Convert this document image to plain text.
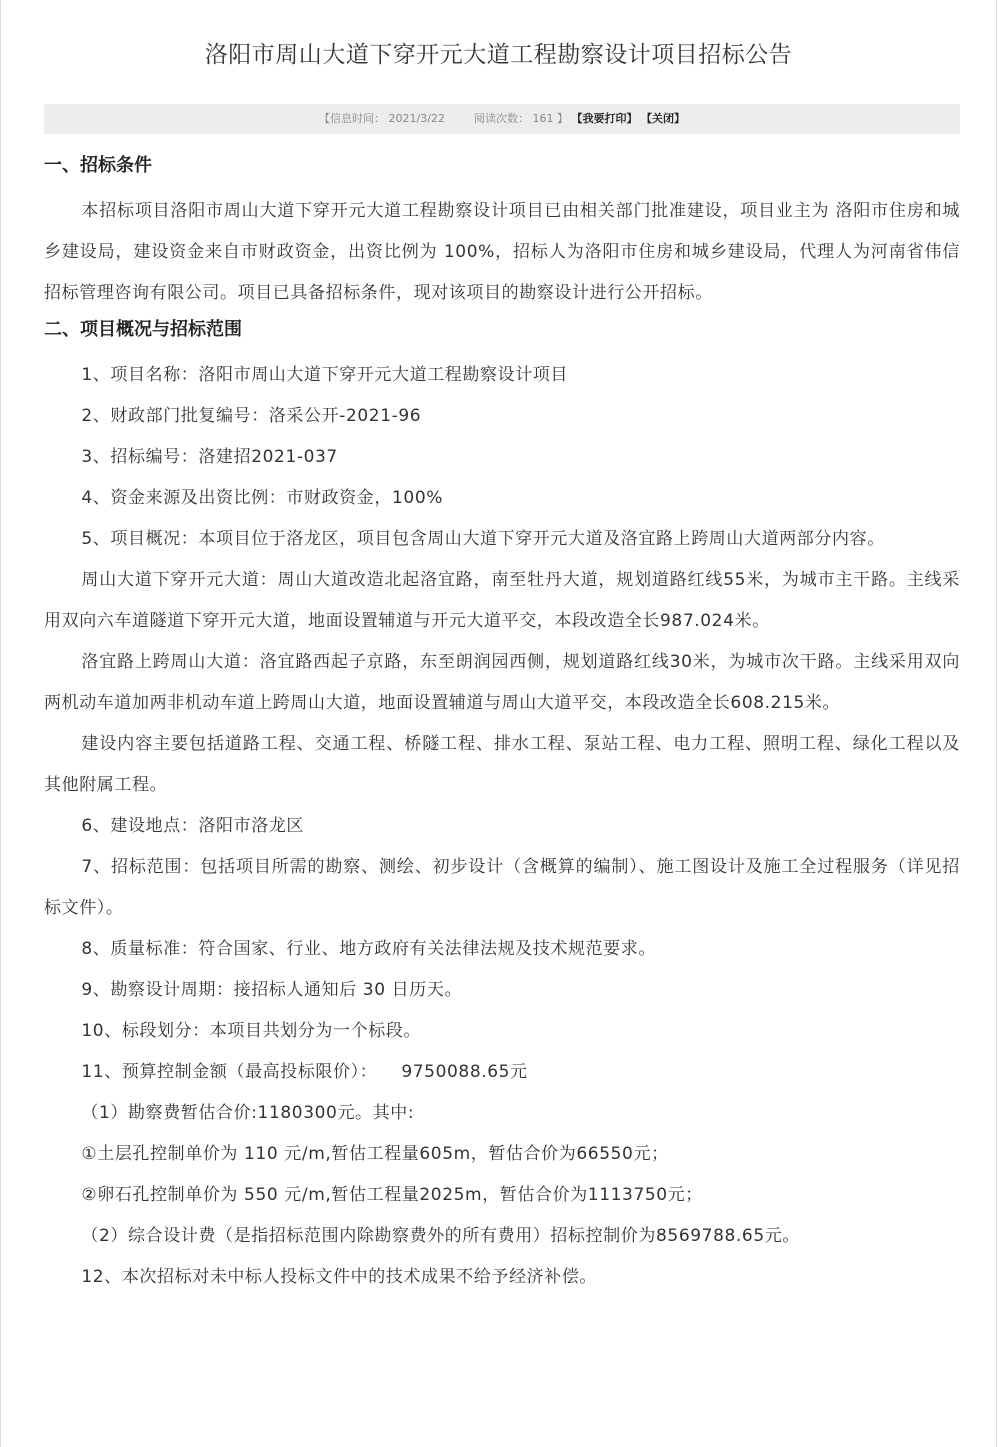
洛阳市周山大道下穿开元大道工程勘察设计项目招标公告
【信息时间： 2021/3/22	阅读次数： 161 】 【我要打印】 【关闭】

一、招标条件

本招标项目洛阳市周山大道下穿开元大道工程勘察设计项目已由相关部门批准建设，项目业主为 洛阳市住房和城乡建设局，建设资金来自市财政资金，出资比例为 100%，招标人为洛阳市住房和城乡建设局，代理人为河南省伟信招标管理咨询有限公司。项目已具备招标条件，现对该项目的勘察设计进行公开招标。

二、项目概况与招标范围

1、项目名称：洛阳市周山大道下穿开元大道工程勘察设计项目

2、财政部门批复编号：洛采公开-2021-96

3、招标编号：洛建招2021-037

4、资金来源及出资比例：市财政资金，100%

5、项目概况：本项目位于洛龙区，项目包含周山大道下穿开元大道及洛宜路上跨周山大道两部分内容。

周山大道下穿开元大道：周山大道改造北起洛宜路，南至牡丹大道，规划道路红线55米，为城市主干路。主线采用双向六车道隧道下穿开元大道，地面设置辅道与开元大道平交，本段改造全长987.024米。

洛宜路上跨周山大道：洛宜路西起子京路，东至朗润园西侧，规划道路红线30米，为城市次干路。主线采用双向两机动车道加两非机动车道上跨周山大道，地面设置辅道与周山大道平交，本段改造全长608.215米。

建设内容主要包括道路工程、交通工程、桥隧工程、排水工程、泵站工程、电力工程、照明工程、绿化工程以及其他附属工程。

6、建设地点：洛阳市洛龙区

7、招标范围：包括项目所需的勘察、测绘、初步设计（含概算的编制）、施工图设计及施工全过程服务（详见招标文件）。

8、质量标准：符合国家、行业、地方政府有关法律法规及技术规范要求。

9、勘察设计周期：接招标人通知后 30 日历天。

10、标段划分：本项目共划分为一个标段。

11、预算控制金额（最高投标限价）：    9750088.65元

（1）勘察费暂估合价:1180300元。其中:

①土层孔控制单价为 110 元/m,暂估工程量605m，暂估合价为66550元；

②卵石孔控制单价为 550 元/m,暂估工程量2025m，暂估合价为1113750元；

（2）综合设计费（是指招标范围内除勘察费外的所有费用）招标控制价为8569788.65元。

12、本次招标对未中标人投标文件中的技术成果不给予经济补偿。
